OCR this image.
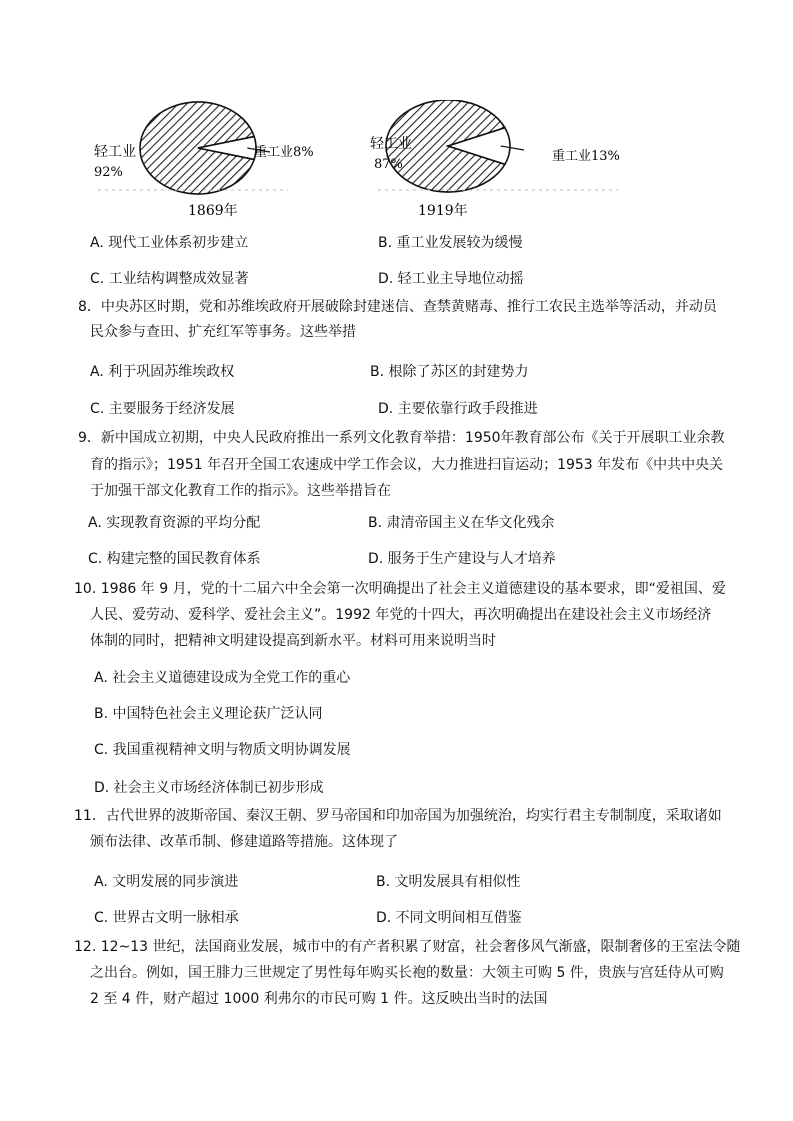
轻工业
92%
重工业8%
1869年
轻工业
87%
重工业13%
1919年
A. 现代工业体系初步建立	B. 重工业发展较为缓慢
C. 工业结构调整成效显著	D. 轻工业主导地位动摇
8．中央苏区时期，党和苏维埃政府开展破除封建迷信、查禁黄赌毒、推行工农民主选举等活动，并动员
民众参与查田、扩充红军等事务。这些举措
A. 利于巩固苏维埃政权	B. 根除了苏区的封建势力
C. 主要服务于经济发展	D. 主要依靠行政手段推进
9．新中国成立初期，中央人民政府推出一系列文化教育举措：1950年教育部公布《关于开展职工业余教
育的指示》；1951 年召开全国工农速成中学工作会议，大力推进扫盲运动；1953 年发布《中共中央关
于加强干部文化教育工作的指示》。这些举措旨在
A. 实现教育资源的平均分配	B. 肃清帝国主义在华文化残余
C. 构建完整的国民教育体系	D. 服务于生产建设与人才培养
10. 1986 年 9 月，党的十二届六中全会第一次明确提出了社会主义道德建设的基本要求，即“爱祖国、爱
人民、爱劳动、爱科学、爱社会主义”。1992 年党的十四大，再次明确提出在建设社会主义市场经济
体制的同时，把精神文明建设提高到新水平。材料可用来说明当时
A. 社会主义道德建设成为全党工作的重心
B. 中国特色社会主义理论获广泛认同
C. 我国重视精神文明与物质文明协调发展
D. 社会主义市场经济体制已初步形成
11．古代世界的波斯帝国、秦汉王朝、罗马帝国和印加帝国为加强统治，均实行君主专制制度，采取诸如
颁布法律、改革币制、修建道路等措施。这体现了
A. 文明发展的同步演进	B. 文明发展具有相似性
C. 世界古文明一脉相承	D. 不同文明间相互借鉴
12. 12~13 世纪，法国商业发展，城市中的有产者积累了财富，社会奢侈风气渐盛，限制奢侈的王室法令随
之出台。例如，国王腓力三世规定了男性每年购买长袍的数量：大领主可购 5 件，贵族与宫廷侍从可购
2 至 4 件，财产超过 1000 利弗尔的市民可购 1 件。这反映出当时的法国
